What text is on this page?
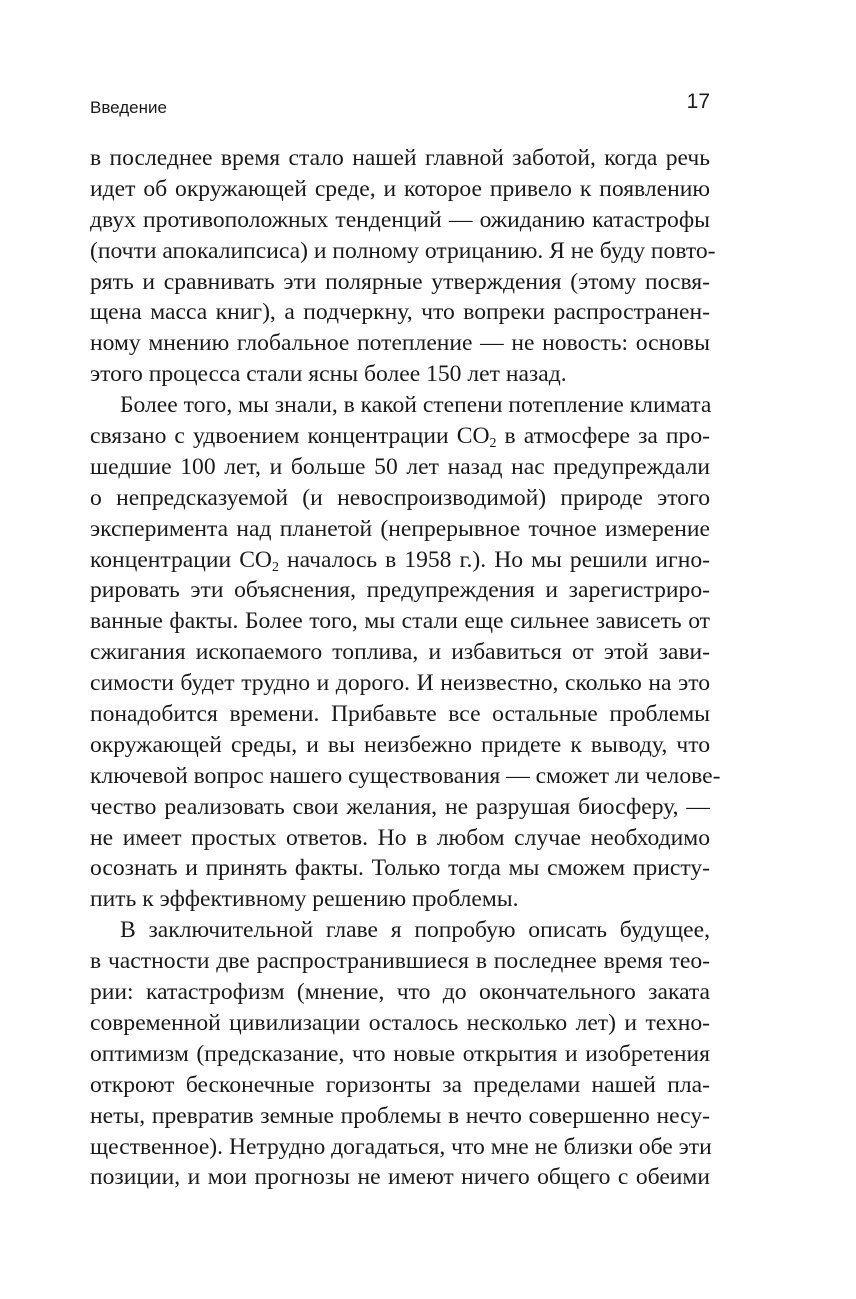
Введение	17
в последнее время стало нашей главной заботой, когда речь
идет об окружающей среде, и которое привело к появлению
двух противоположных тенденций — ожиданию катастрофы
(почти апокалипсиса) и полному отрицанию. Я не буду повто-
рять и сравнивать эти полярные утверждения (этому посвя-
щена масса книг), а подчеркну, что вопреки распространен-
ному мнению глобальное потепление — не новость: основы
этого процесса стали ясны более 150 лет назад.
Более того, мы знали, в какой степени потепление климата
связано с удвоением концентрации $CO_2$ в атмосфере за про-
шедшие 100 лет, и больше 50 лет назад нас предупреждали
о непредсказуемой (и невоспроизводимой) природе этого
эксперимента над планетой (непрерывное точное измерение
концентрации $CO_2$ началось в 1958 г.). Но мы решили игно-
рировать эти объяснения, предупреждения и зарегистриро-
ванные факты. Более того, мы стали еще сильнее зависеть от
сжигания ископаемого топлива, и избавиться от этой зави-
симости будет трудно и дорого. И неизвестно, сколько на это
понадобится времени. Прибавьте все остальные проблемы
окружающей среды, и вы неизбежно придете к выводу, что
ключевой вопрос нашего существования — сможет ли челове-
чество реализовать свои желания, не разрушая биосферу, —
не имеет простых ответов. Но в любом случае необходимо
осознать и принять факты. Только тогда мы сможем присту-
пить к эффективному решению проблемы.
В заключительной главе я попробую описать будущее,
в частности две распространившиеся в последнее время тео-
рии: катастрофизм (мнение, что до окончательного заката
современной цивилизации осталось несколько лет) и техно-
оптимизм (предсказание, что новые открытия и изобретения
откроют бесконечные горизонты за пределами нашей пла-
неты, превратив земные проблемы в нечто совершенно несу-
щественное). Нетрудно догадаться, что мне не близки обе эти
позиции, и мои прогнозы не имеют ничего общего с обеими
